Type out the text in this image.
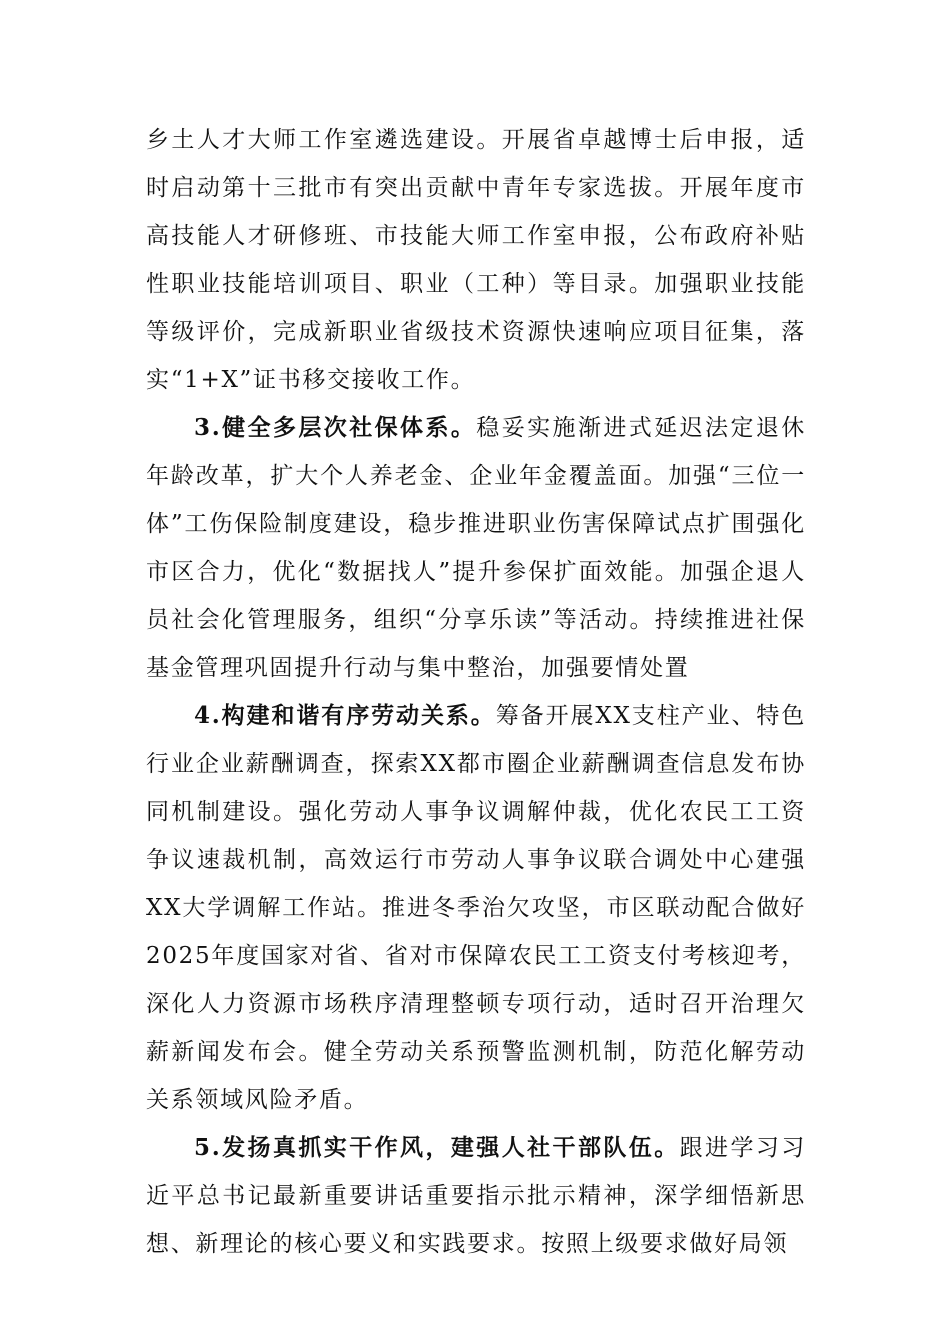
乡土人才大师工作室遴选建设。开展省卓越博士后申报，适时启动第十三批市有突出贡献中青年专家选拔。开展年度市高技能人才研修班、市技能大师工作室申报，公布政府补贴性职业技能培训项目、职业（工种）等目录。加强职业技能等级评价，完成新职业省级技术资源快速响应项目征集，落实“1+X”证书移交接收工作。

3.健全多层次社保体系。稳妥实施渐进式延迟法定退休年龄改革，扩大个人养老金、企业年金覆盖面。加强“三位一体”工伤保险制度建设，稳步推进职业伤害保障试点扩围强化市区合力，优化“数据找人”提升参保扩面效能。加强企退人员社会化管理服务，组织“分享乐读”等活动。持续推进社保基金管理巩固提升行动与集中整治，加强要情处置

4.构建和谐有序劳动关系。筹备开展XX支柱产业、特色行业企业薪酬调查，探索XX都市圈企业薪酬调查信息发布协同机制建设。强化劳动人事争议调解仲裁，优化农民工工资争议速裁机制，高效运行市劳动人事争议联合调处中心建强XX大学调解工作站。推进冬季治欠攻坚，市区联动配合做好2025年度国家对省、省对市保障农民工工资支付考核迎考，深化人力资源市场秩序清理整顿专项行动，适时召开治理欠薪新闻发布会。健全劳动关系预警监测机制，防范化解劳动关系领域风险矛盾。

5.发扬真抓实干作风，建强人社干部队伍。跟进学习习近平总书记最新重要讲话重要指示批示精神，深学细悟新思想、新理论的核心要义和实践要求。按照上级要求做好局领
